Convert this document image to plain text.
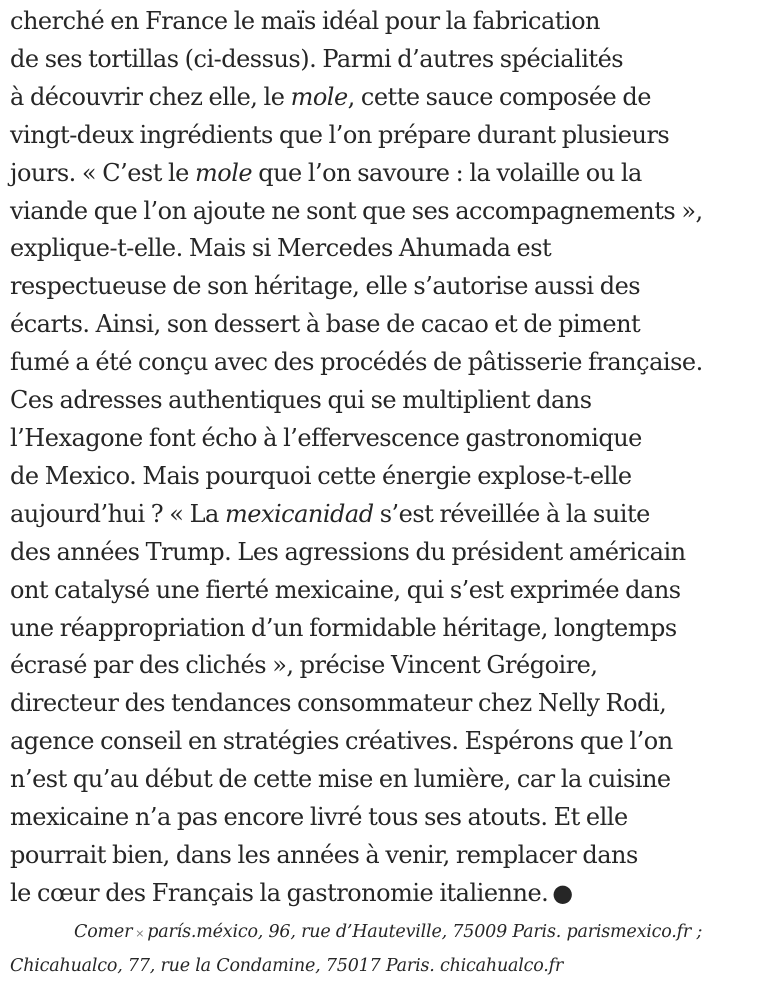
cherché en France le maïs idéal pour la fabrication
de ses tortillas (ci-dessus). Parmi d’autres spécialités
à découvrir chez elle, le mole, cette sauce composée de
vingt-deux ingrédients que l’on prépare durant plusieurs
jours. « C’est le mole que l’on savoure : la volaille ou la
viande que l’on ajoute ne sont que ses accompagnements »,
explique-t-elle. Mais si Mercedes Ahumada est
respectueuse de son héritage, elle s’autorise aussi des
écarts. Ainsi, son dessert à base de cacao et de piment
fumé a été conçu avec des procédés de pâtisserie française.
Ces adresses authentiques qui se multiplient dans
l’Hexagone font écho à l’effervescence gastronomique
de Mexico. Mais pourquoi cette énergie explose-t-elle
aujourd’hui ? « La mexicanidad s’est réveillée à la suite
des années Trump. Les agressions du président américain
ont catalysé une fierté mexicaine, qui s’est exprimée dans
une réappropriation d’un formidable héritage, longtemps
écrasé par des clichés », précise Vincent Grégoire,
directeur des tendances consommateur chez Nelly Rodi,
agence conseil en stratégies créatives. Espérons que l’on
n’est qu’au début de cette mise en lumière, car la cuisine
mexicaine n’a pas encore livré tous ses atouts. Et elle
pourrait bien, dans les années à venir, remplacer dans
le cœur des Français la gastronomie italienne. ●
Comer × parís.méxico, 96, rue d’Hauteville, 75009 Paris. parismexico.fr ;
Chicahualco, 77, rue la Condamine, 75017 Paris. chicahualco.fr
